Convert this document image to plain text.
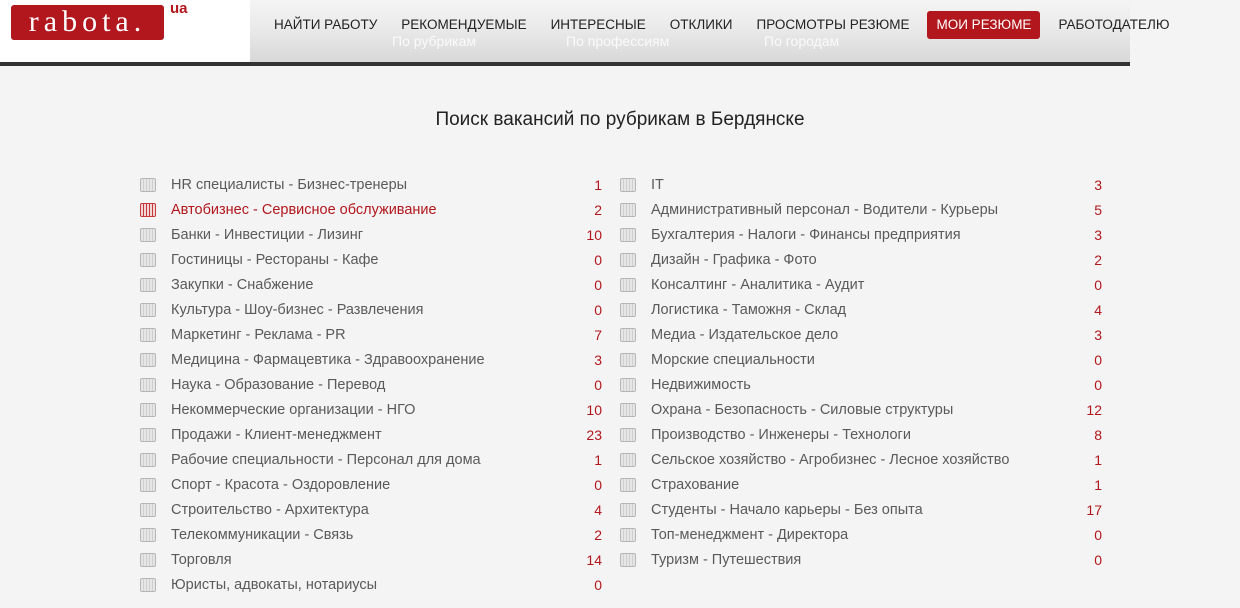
По рубрикам	По профессиям	По городам
rabota.	ua
НАЙТИ РАБОТУ	РЕКОМЕНДУЕМЫЕ	ИНТЕРЕСНЫЕ	ОТКЛИКИ	ПРОСМОТРЫ РЕЗЮМЕ	МОИ РЕЗЮМЕ	РАБОТОДАТЕЛЮ
Поиск вакансий по рубрикам в Бердянске
HR специалисты - Бизнес-тренеры	1
Автобизнес - Сервисное обслуживание	2
Банки - Инвестиции - Лизинг	10
Гостиницы - Рестораны - Кафе	0
Закупки - Снабжение	0
Культура - Шоу-бизнес - Развлечения	0
Маркетинг - Реклама - PR	7
Медицина - Фармацевтика - Здравоохранение	3
Наука - Образование - Перевод	0
Некоммерческие организации - НГО	10
Продажи - Клиент-менеджмент	23
Рабочие специальности - Персонал для дома	1
Спорт - Красота - Оздоровление	0
Строительство - Архитектура	4
Телекоммуникации - Связь	2
Торговля	14
Юристы, адвокаты, нотариусы	0
IT	3
Административный персонал - Водители - Курьеры	5
Бухгалтерия - Налоги - Финансы предприятия	3
Дизайн - Графика - Фото	2
Консалтинг - Аналитика - Аудит	0
Логистика - Таможня - Склад	4
Медиа - Издательское дело	3
Морские специальности	0
Недвижимость	0
Охрана - Безопасность - Силовые структуры	12
Производство - Инженеры - Технологи	8
Сельское хозяйство - Агробизнес - Лесное хозяйство	1
Страхование	1
Студенты - Начало карьеры - Без опыта	17
Топ-менеджмент - Директора	0
Туризм - Путешествия	0
